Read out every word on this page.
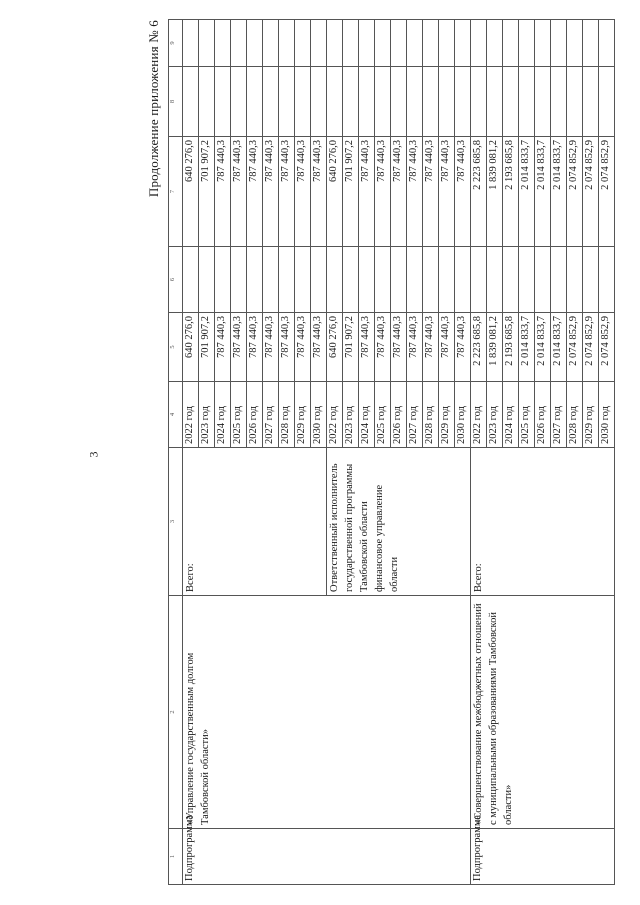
3
Продолжение приложения № 6
1	2	3	4	5	6	7	8	9
Подпрограмма	«Управление государственным долгом Тамбовской области»	Всего:	2022 год	640 276,0		640 276,0		
			2023 год	701 907,2		701 907,2		
			2024 год	787 440,3		787 440,3		
			2025 год	787 440,3		787 440,3		
			2026 год	787 440,3		787 440,3		
			2027 год	787 440,3		787 440,3		
			2028 год	787 440,3		787 440,3		
			2029 год	787 440,3		787 440,3		
			2030 год	787 440,3		787 440,3		
		Ответственный исполнитель государственной программы Тамбовской области финансовое управление области	2022 год	640 276,0		640 276,0		
			2023 год	701 907,2		701 907,2		
			2024 год	787 440,3		787 440,3		
			2025 год	787 440,3		787 440,3		
			2026 год	787 440,3		787 440,3		
			2027 год	787 440,3		787 440,3		
			2028 год	787 440,3		787 440,3		
			2029 год	787 440,3		787 440,3		
			2030 год	787 440,3		787 440,3		
Подпрограмма	«Совершенствование межбюджетных отношений с муниципальными образованиями Тамбовской области»	Всего:	2022 год	2 223 685,8		2 223 685,8		
			2023 год	1 839 081,2		1 839 081,2		
			2024 год	2 193 685,8		2 193 685,8		
			2025 год	2 014 833,7		2 014 833,7		
			2026 год	2 014 833,7		2 014 833,7		
			2027 год	2 014 833,7		2 014 833,7		
			2028 год	2 074 852,9		2 074 852,9		
			2029 год	2 074 852,9		2 074 852,9		
			2030 год	2 074 852,9		2 074 852,9		
